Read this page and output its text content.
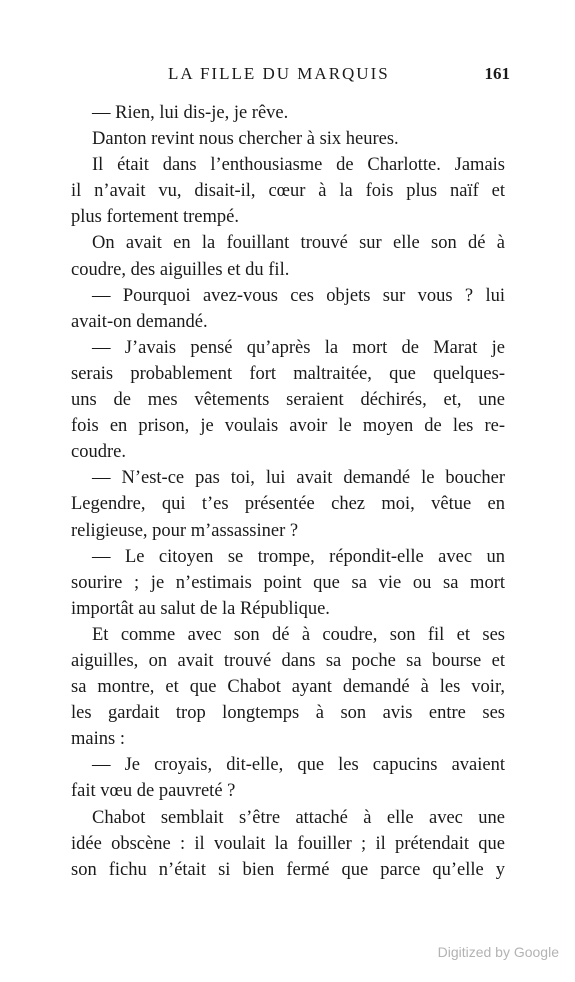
LA FILLE DU MARQUIS	161
— Rien, lui dis-je, je rêve.
Danton revint nous chercher à six heures.
Il était dans l’enthousiasme de Charlotte. Jamais
il n’avait vu, disait-il, cœur à la fois plus naïf et
plus fortement trempé.
On avait en la fouillant trouvé sur elle son dé à
coudre, des aiguilles et du fil.
— Pourquoi avez-vous ces objets sur vous ? lui
avait-on demandé.
— J’avais pensé qu’après la mort de Marat je
serais probablement fort maltraitée, que quelques-
uns de mes vêtements seraient déchirés, et, une
fois en prison, je voulais avoir le moyen de les re-
coudre.
— N’est-ce pas toi, lui avait demandé le boucher
Legendre, qui t’es présentée chez moi, vêtue en
religieuse, pour m’assassiner ?
— Le citoyen se trompe, répondit-elle avec un
sourire ; je n’estimais point que sa vie ou sa mort
importât au salut de la République.
Et comme avec son dé à coudre, son fil et ses
aiguilles, on avait trouvé dans sa poche sa bourse et
sa montre, et que Chabot ayant demandé à les voir,
les gardait trop longtemps à son avis entre ses
mains :
— Je croyais, dit-elle, que les capucins avaient
fait vœu de pauvreté ?
Chabot semblait s’être attaché à elle avec une
idée obscène : il voulait la fouiller ; il prétendait que
son fichu n’était si bien fermé que parce qu’elle y
Digitized by Google
